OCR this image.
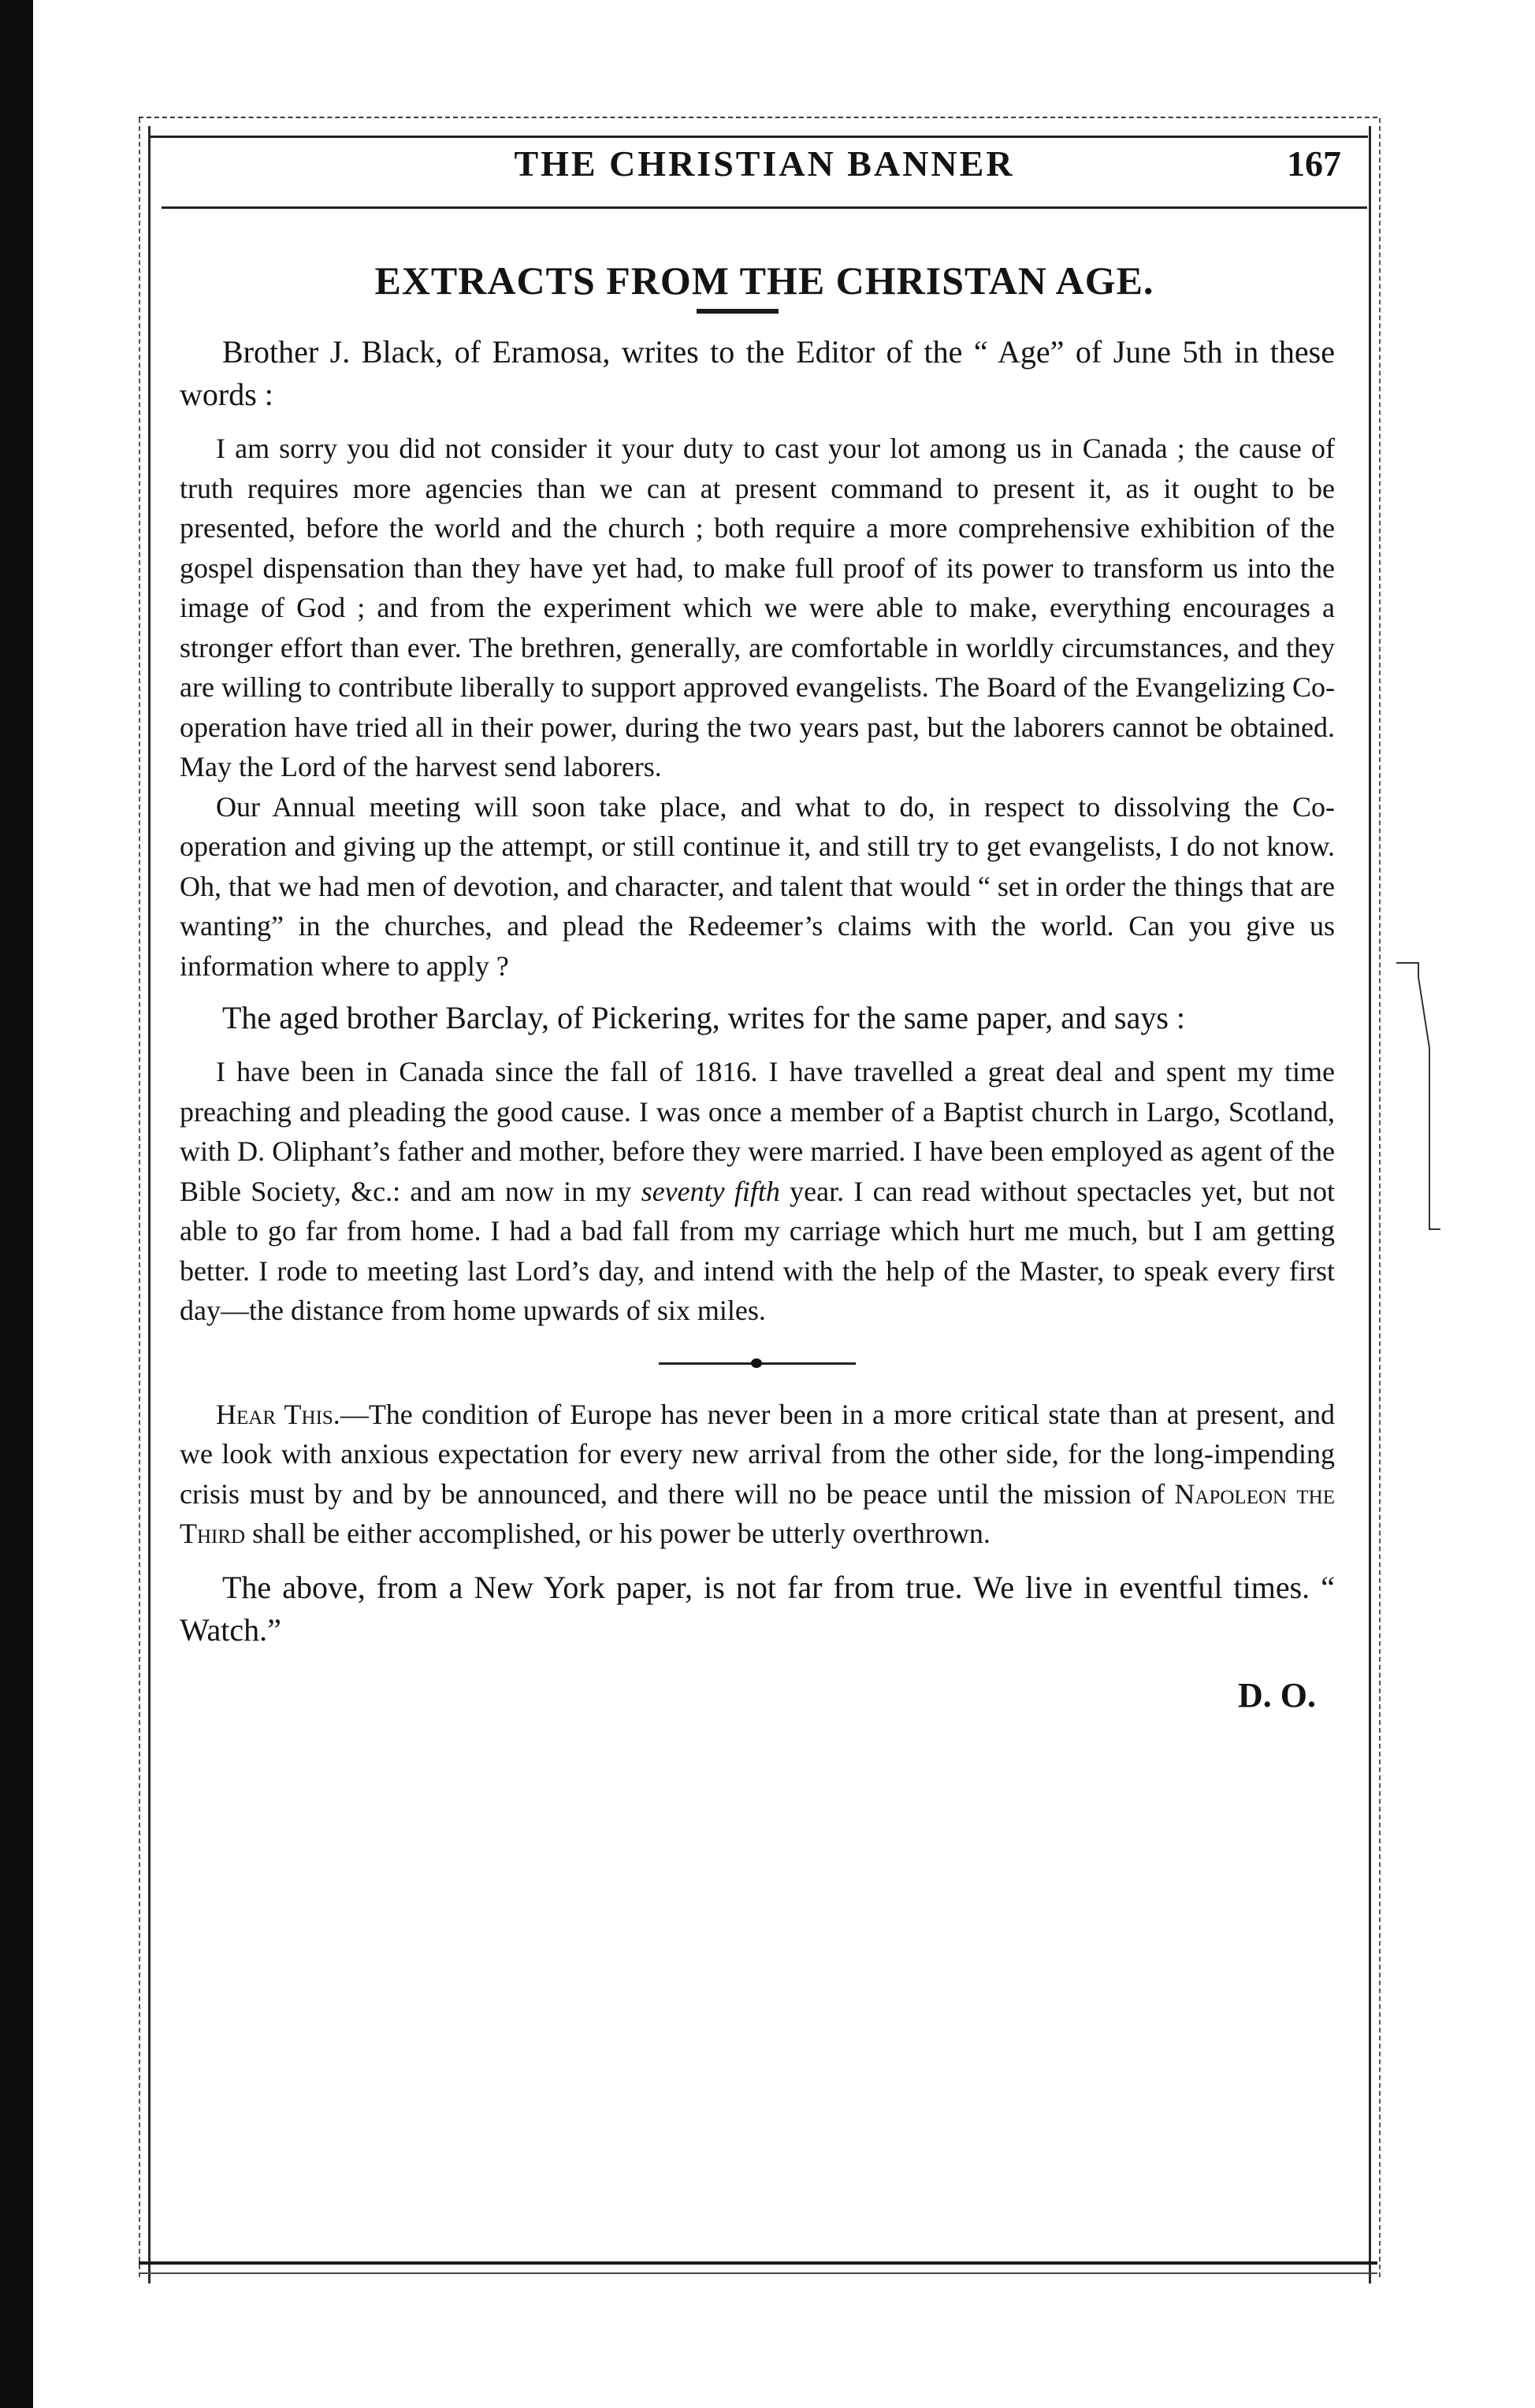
THE CHRISTIAN BANNER	167
EXTRACTS FROM THE CHRISTAN AGE.

Brother J. Black, of Eramosa, writes to the Editor of the “ Age” of June 5th in these words :

I am sorry you did not consider it your duty to cast your lot among us in Canada ; the cause of truth requires more agencies than we can at present command to present it, as it ought to be presented, before the world and the church ; both require a more comprehensive exhibition of the gospel dispensation than they have yet had, to make full proof of its power to transform us into the image of God ; and from the experiment which we were able to make, everything encourages a stronger effort than ever. The brethren, generally, are comfortable in worldly circumstances, and they are willing to contribute liberally to support approved evangelists. The Board of the Evangelizing Co-operation have tried all in their power, during the two years past, but the laborers cannot be obtained. May the Lord of the harvest send laborers.

Our Annual meeting will soon take place, and what to do, in respect to dissolving the Co-operation and giving up the attempt, or still continue it, and still try to get evangelists, I do not know. Oh, that we had men of devotion, and character, and talent that would “ set in order the things that are wanting” in the churches, and plead the Redeemer’s claims with the world. Can you give us information where to apply ?

The aged brother Barclay, of Pickering, writes for the same paper, and says :

I have been in Canada since the fall of 1816. I have travelled a great deal and spent my time preaching and pleading the good cause. I was once a member of a Baptist church in Largo, Scotland, with D. Oliphant’s father and mother, before they were married. I have been employed as agent of the Bible Society, &c.: and am now in my seventy fifth year. I can read without spectacles yet, but not able to go far from home. I had a bad fall from my carriage which hurt me much, but I am getting better. I rode to meeting last Lord’s day, and intend with the help of the Master, to speak every first day—the distance from home upwards of six miles.

Hear This.—The condition of Europe has never been in a more critical state than at present, and we look with anxious expectation for every new arrival from the other side, for the long-impending crisis must by and by be announced, and there will no be peace until the mission of Napoleon the Third shall be either accomplished, or his power be utterly overthrown.

The above, from a New York paper, is not far from true. We live in eventful times. “ Watch.”

D. O.
